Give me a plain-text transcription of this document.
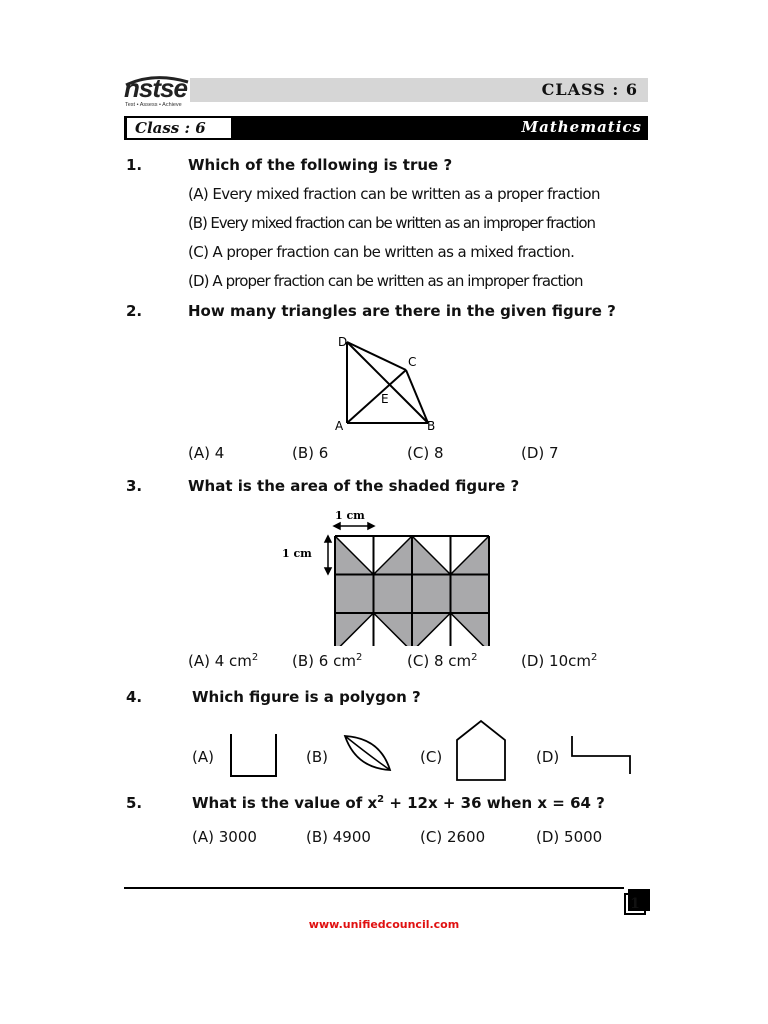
nstse
Test • Assess • Achieve
CLASS : 6
Class : 6	Mathematics
1.	Which of the following is true ?
(A) Every mixed fraction can be written as a proper fraction
(B) Every mixed fraction can be written as an improper fraction
(C) A proper fraction can be written as a mixed fraction.
(D) A proper fraction can be written as an improper fraction
2.	How many triangles are there in the given figure ?
D
C
E
A	B
(A) 4	(B) 6	(C) 8	(D) 7
3.	What is the area of the shaded figure ?
1 cm
1 cm
(A) 4 $cm^2$ (B) 6 $cm^2$	(C) 8 $cm^2$	(D) $10cm^2$
4.	Which figure is a polygon ?
(A)	(B)	(C)	(D)
5.	What is the value of $x^2 + 12x + 36$ when x = 64 ?
(A) 3000	(B) 4900	(C) 2600	(D) 5000
1
www.unifiedcouncil.com
